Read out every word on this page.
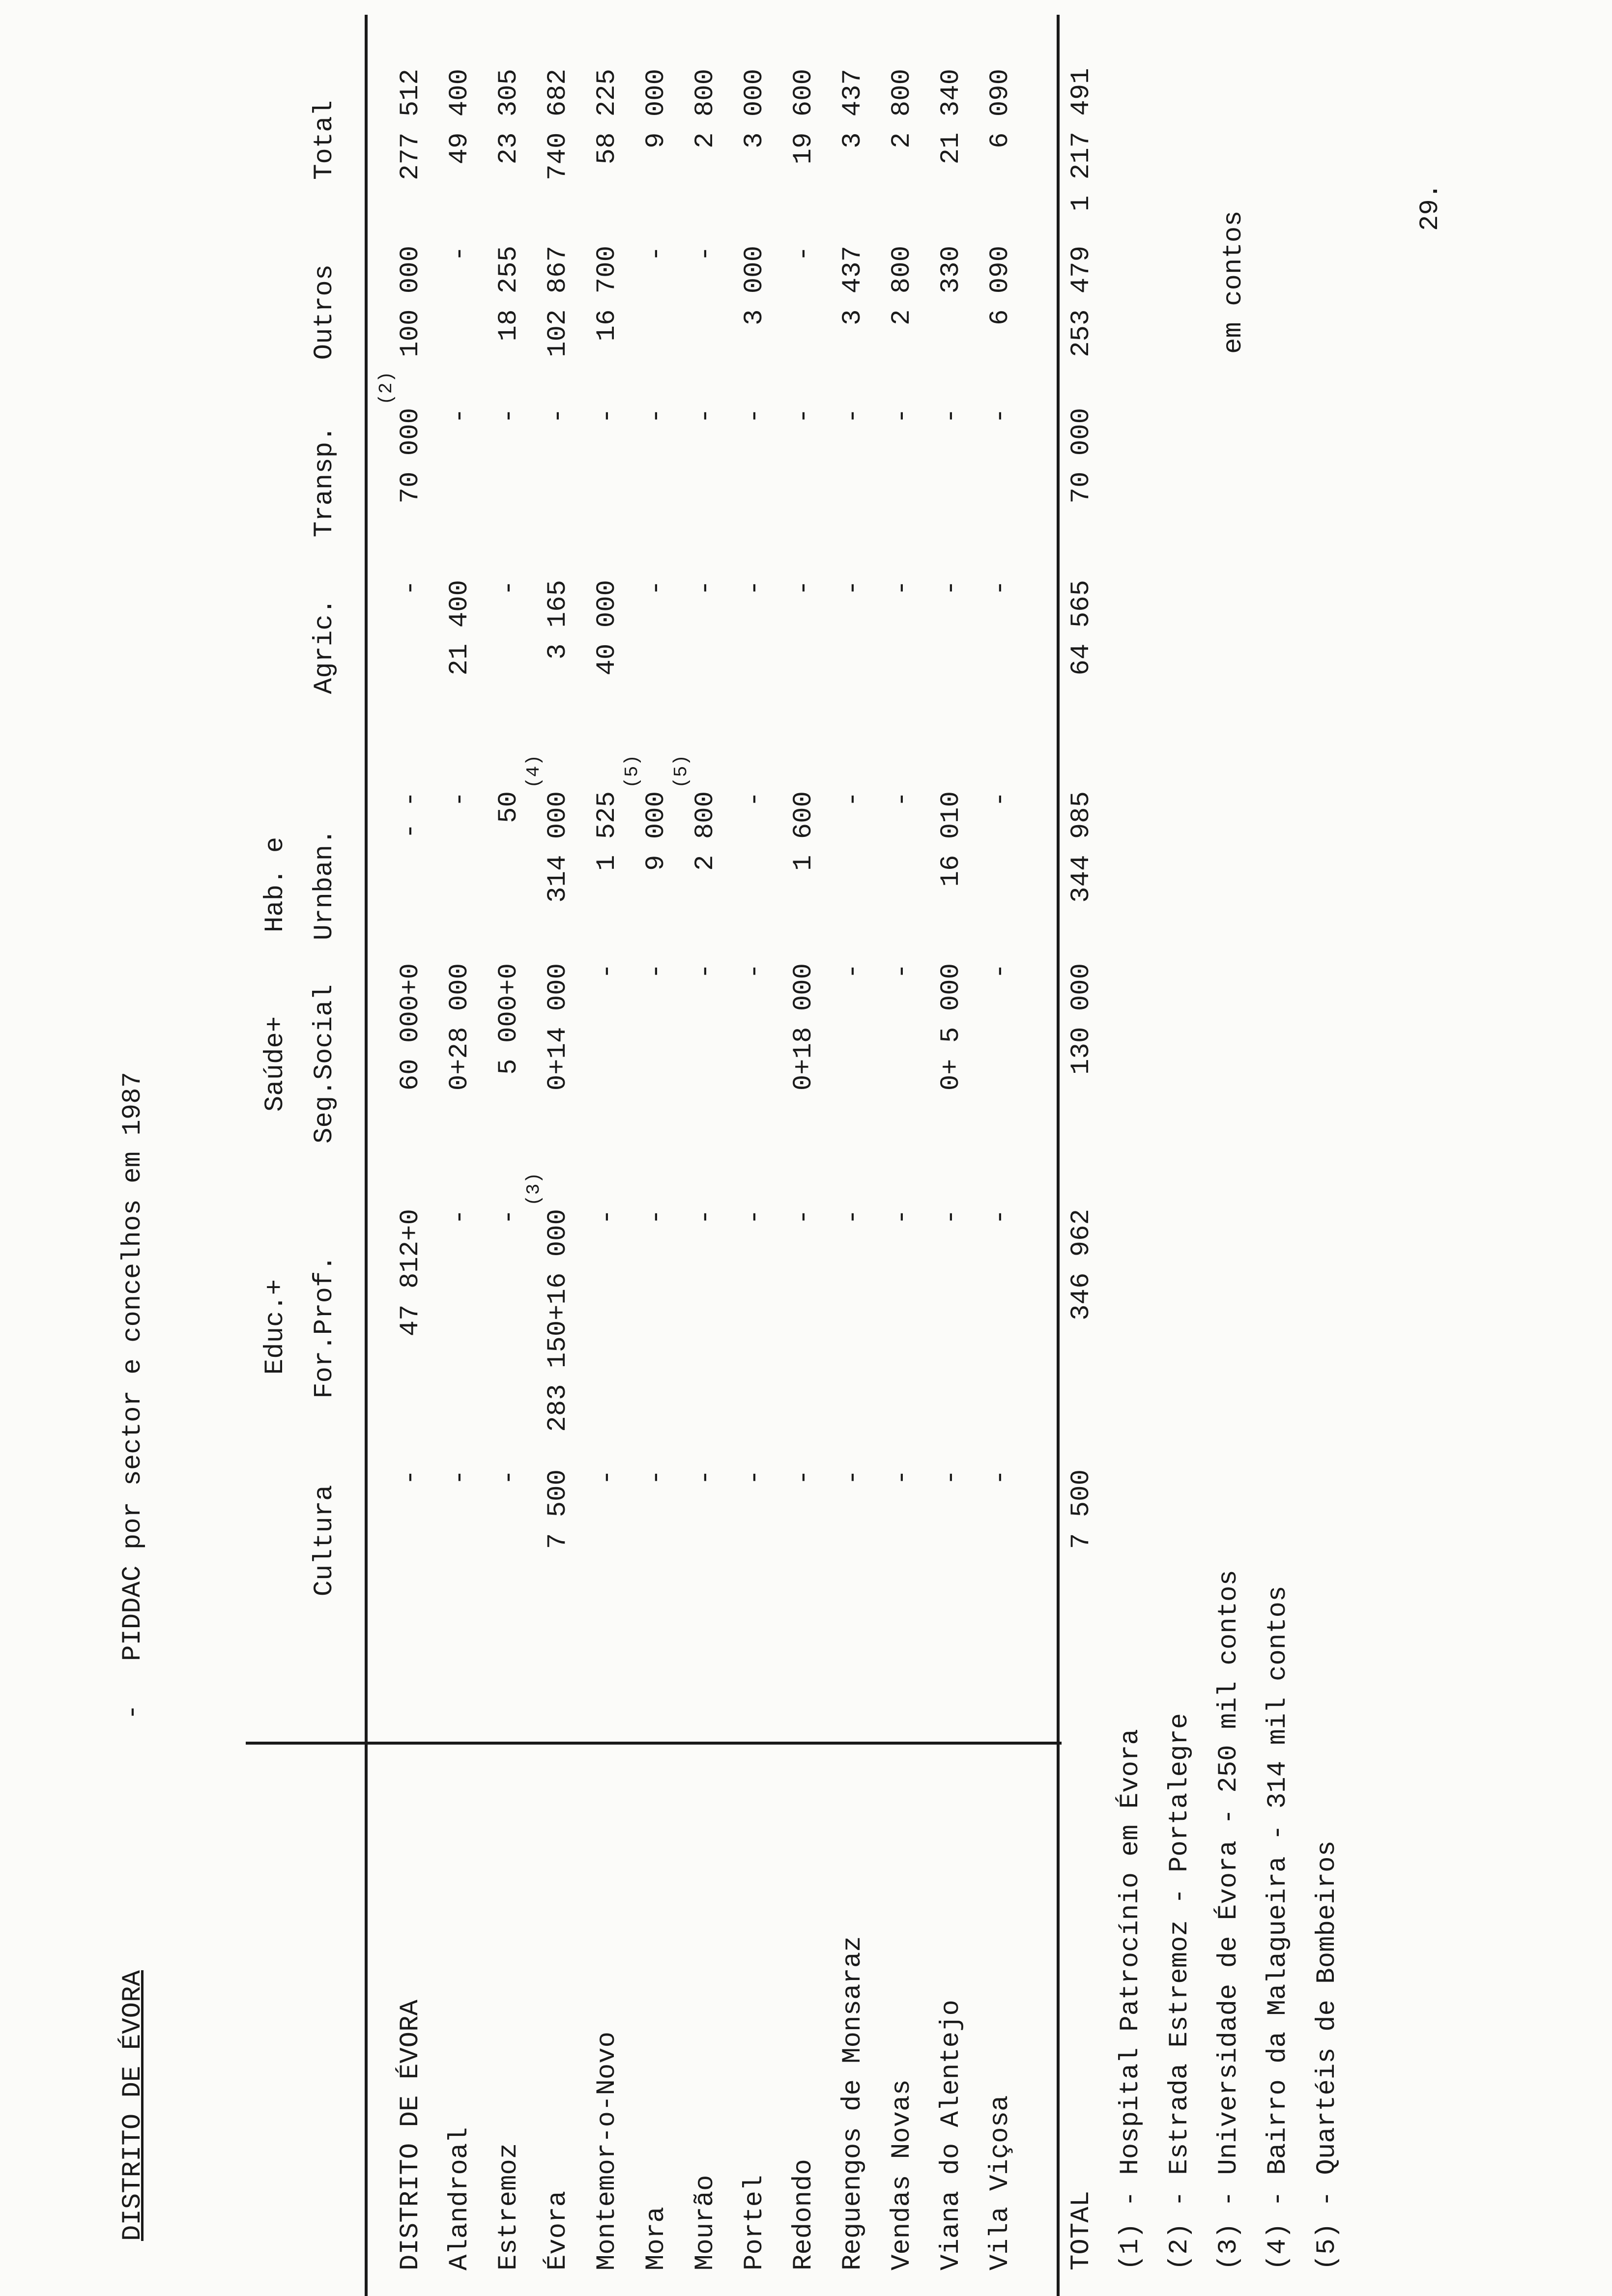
29.
DISTRITO DE ÉVORA
-
PIDDAC por sector e concelhos em 1987
em contos
Cultura
Educ.+ For.Prof.
Saúde+ Seg.Social
Hab. e Urnban.
Agric.
Transp.
Outros
Total
DISTRITO DE ÉVORA
-
47 812+0
60 000+0
- -
-
70 000
(2)
100 000
277 512
Alandroal
-
-
0+28 000
-
21 400
-
-
49 400
Estremoz
-
-
5 000+0
50
-
-
18 255
23 305
Évora
7 500
283 150+16 000
(3)
0+14 000
314 000
(4)
3 165
-
102 867
740 682
Montemor-o-Novo
-
-
-
1 525
40 000
-
16 700
58 225
Mora
-
-
-
9 000
(5)
-
-
-
9 000
Mourão
-
-
-
2 800
(5)
-
-
-
2 800
Portel
-
-
-
-
-
-
3 000
3 000
Redondo
-
-
0+18 000
1 600
-
-
-
19 600
Reguengos de Monsaraz
-
-
-
-
-
-
3 437
3 437
Vendas Novas
-
-
-
-
-
-
2 800
2 800
Viana do Alentejo
-
-
0+ 5 000
16 010
-
-
330
21 340
Vila Viçosa
-
-
-
-
-
-
6 090
6 090
TOTAL
7 500
346 962
130 000
344 985
64 565
70 000
253 479
1 217 491
(1) - Hospital Patrocínio em Évora (2) - Estrada Estremoz - Portalegre (3) - Universidade de Évora - 250 mil contos (4) - Bairro da Malagueira - 314 mil contos (5) - Quartéis de Bombeiros
